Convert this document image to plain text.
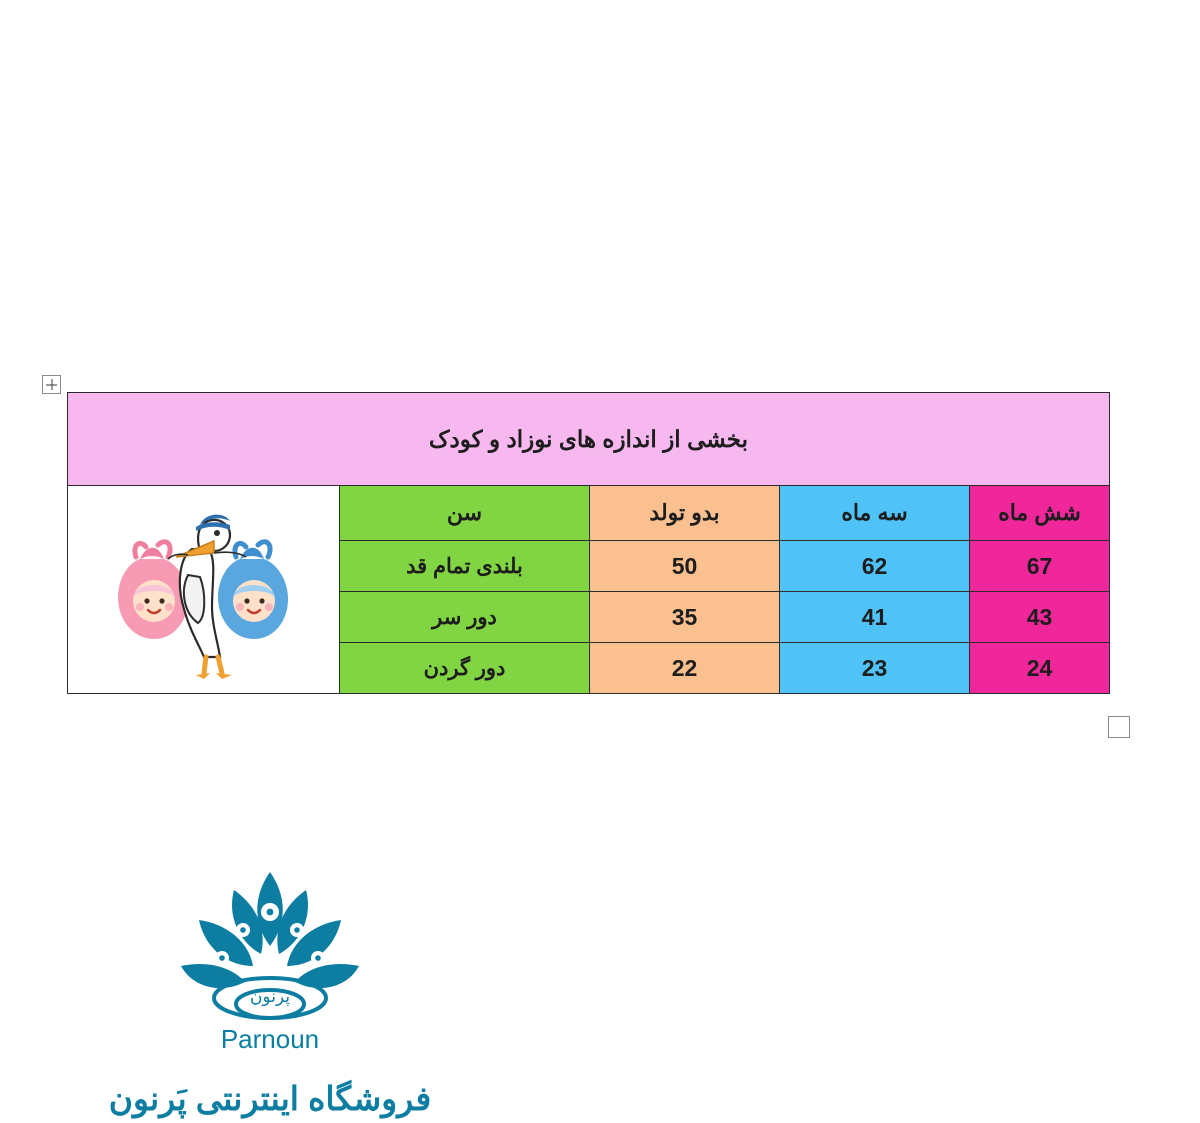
بخشی از اندازه های نوزاد و کودک				
شش ماه	سه ماه	بدو تولد	سن	

67	62	50	بلندی تمام قد	
43	41	35	دور سر	
24	23	22	دور گردن	
پرنون
Parnoun
فروشگاه اینترنتی پَرنون
